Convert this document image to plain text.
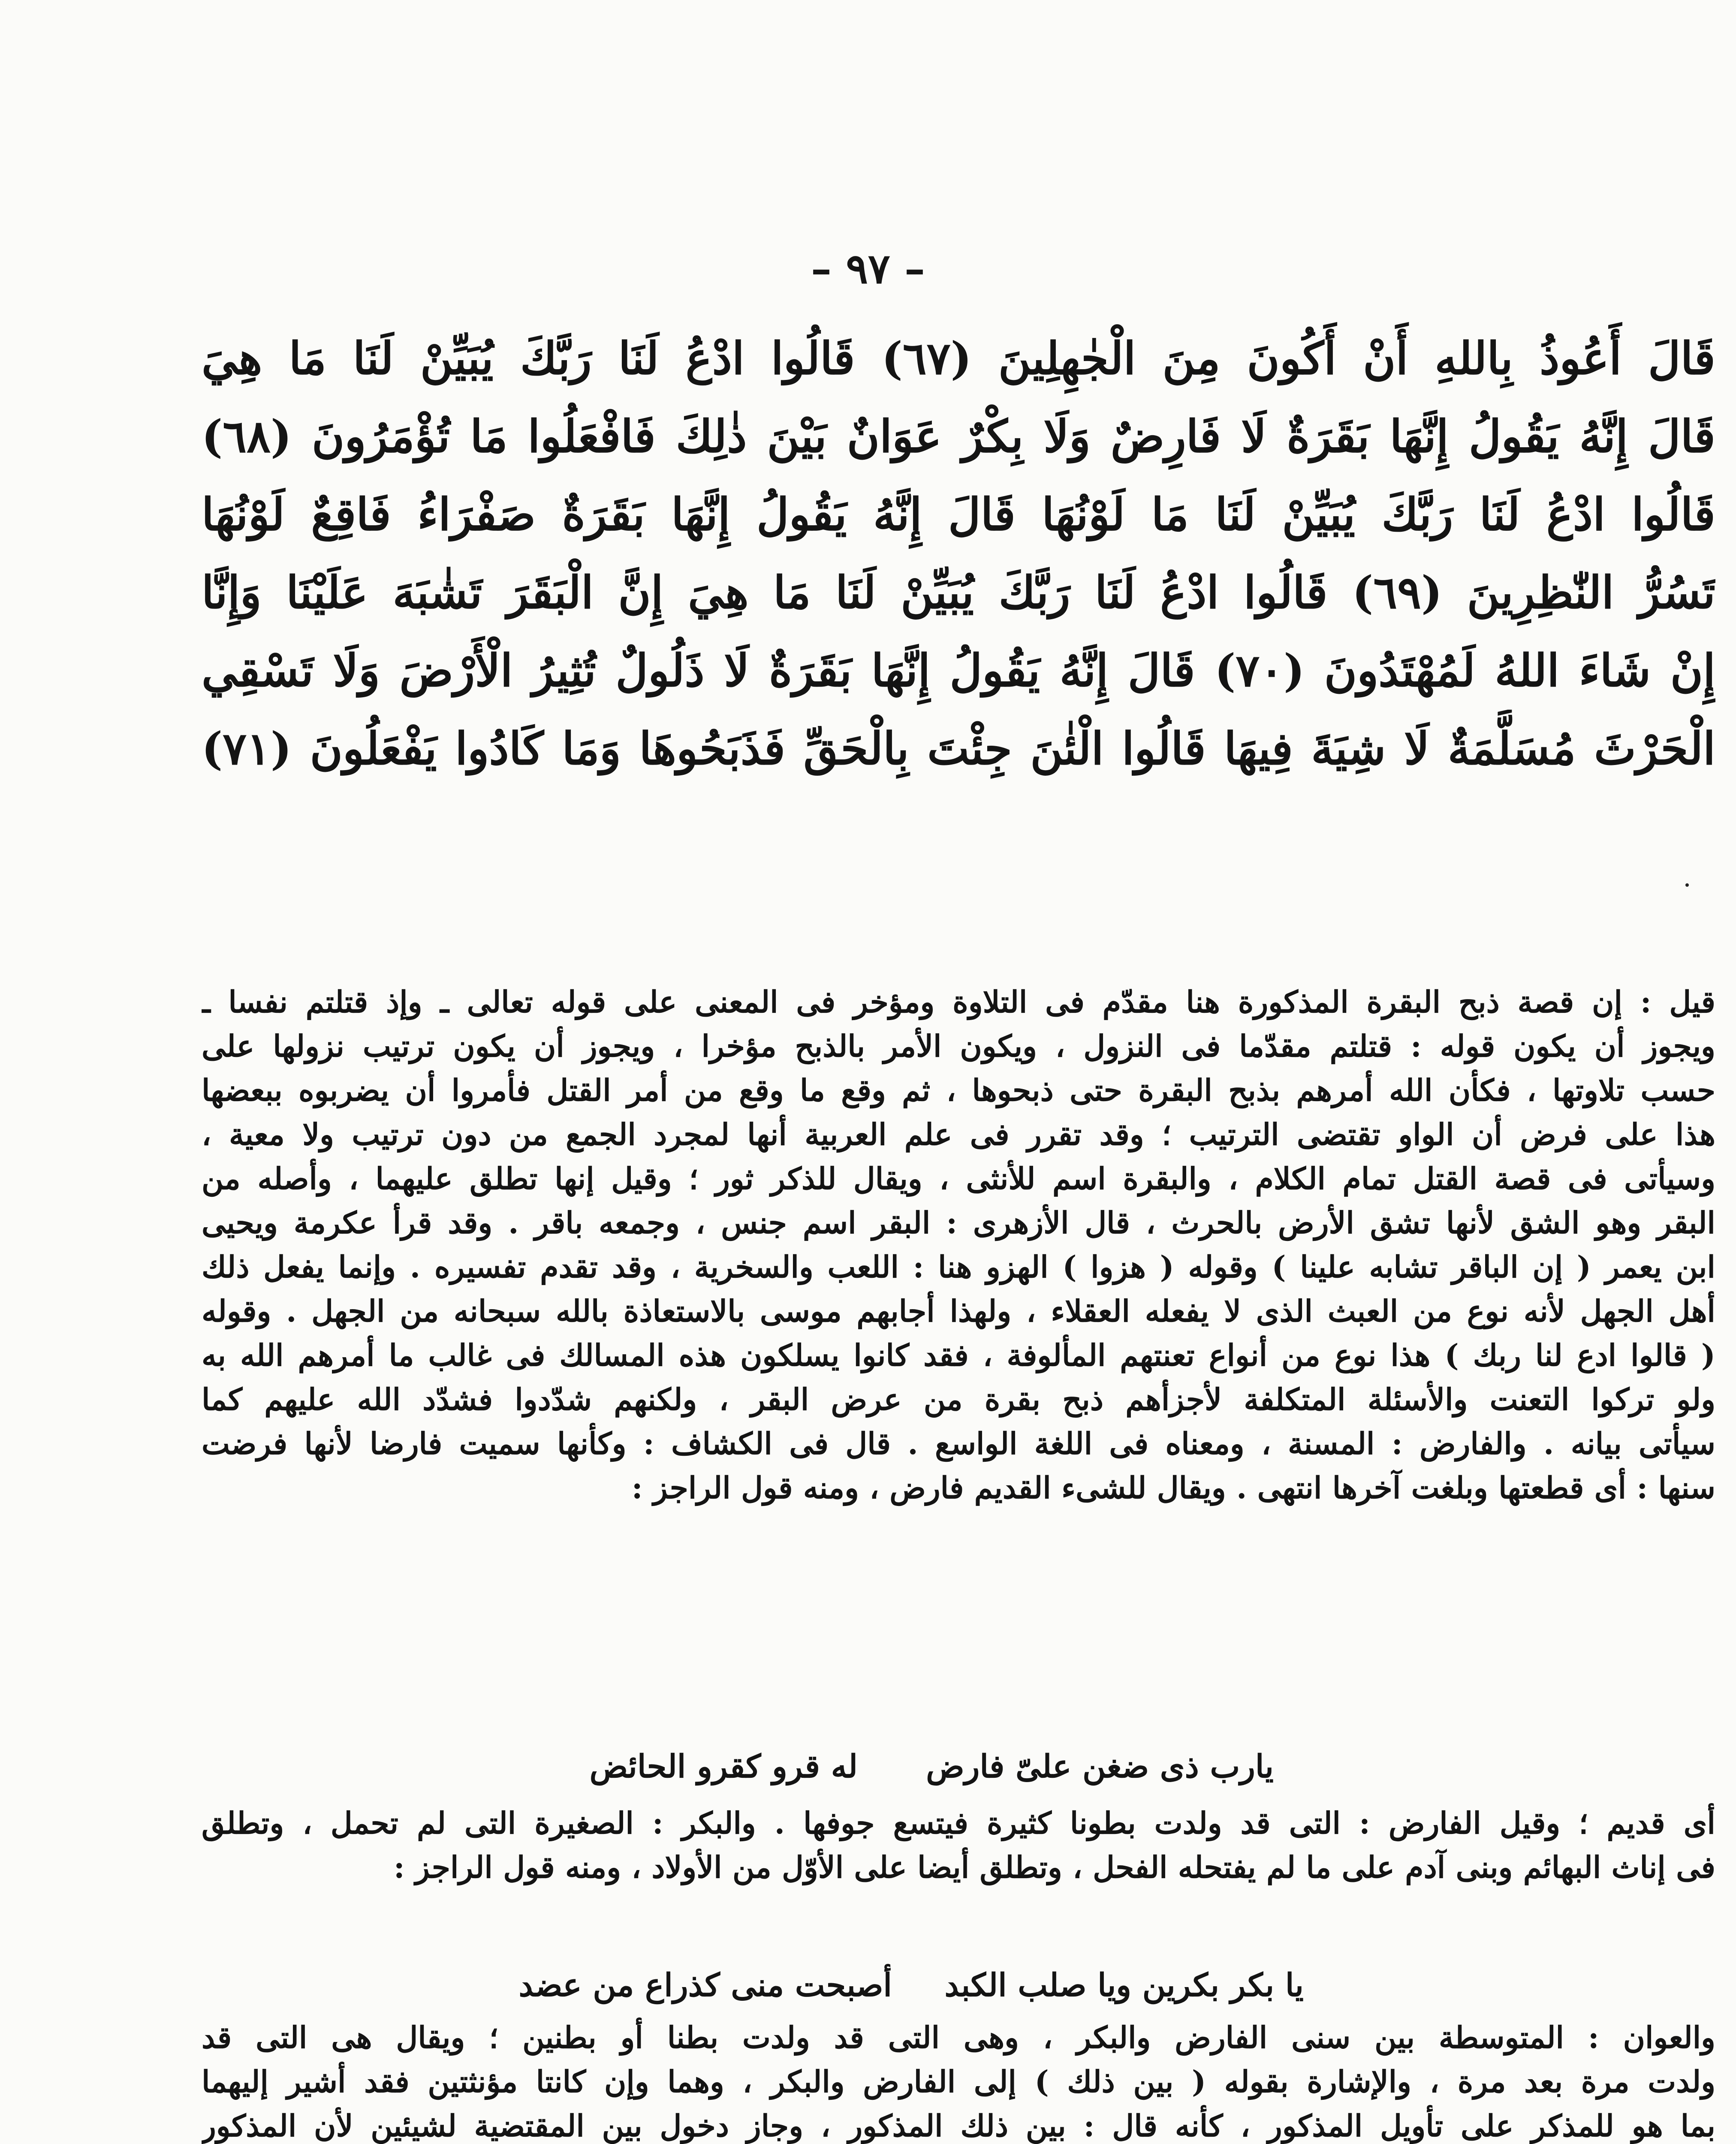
– ٩٧ –
قَالَ أَعُوذُ بِاللهِ أَنْ أَكُونَ مِنَ الْجٰهِلِينَ (٦٧) قَالُوا ادْعُ لَنَا رَبَّكَ يُبَيِّنْ لَنَا مَا هِيَ
قَالَ إِنَّهُ يَقُولُ إِنَّهَا بَقَرَةٌ لَا فَارِضٌ وَلَا بِكْرٌ عَوَانٌ بَيْنَ ذٰلِكَ فَافْعَلُوا مَا تُؤْمَرُونَ (٦٨)
قَالُوا ادْعُ لَنَا رَبَّكَ يُبَيِّنْ لَنَا مَا لَوْنُهَا قَالَ إِنَّهُ يَقُولُ إِنَّهَا بَقَرَةٌ صَفْرَاءُ فَاقِعٌ لَوْنُهَا
تَسُرُّ النّٰظِرِينَ (٦٩) قَالُوا ادْعُ لَنَا رَبَّكَ يُبَيِّنْ لَنَا مَا هِيَ إِنَّ الْبَقَرَ تَشٰبَهَ عَلَيْنَا وَإِنَّا
إِنْ شَاءَ اللهُ لَمُهْتَدُونَ (٧٠) قَالَ إِنَّهُ يَقُولُ إِنَّهَا بَقَرَةٌ لَا ذَلُولٌ تُثِيرُ الْأَرْضَ وَلَا تَسْقِي
الْحَرْثَ مُسَلَّمَةٌ لَا شِيَةَ فِيهَا قَالُوا الْئٰنَ جِئْتَ بِالْحَقِّ فَذَبَحُوهَا وَمَا كَادُوا يَفْعَلُونَ (٧١)
قيل : إن قصة ذبح البقرة المذكورة هنا مقدّم فى التلاوة ومؤخر فى المعنى على قوله تعالى ـ وإذ قتلتم نفسا ـ
ويجوز أن يكون قوله : قتلتم مقدّما فى النزول ، ويكون الأمر بالذبح مؤخرا ، ويجوز أن يكون ترتيب نزولها على
حسب تلاوتها ، فكأن الله أمرهم بذبح البقرة حتى ذبحوها ، ثم وقع ما وقع من أمر القتل فأمروا أن يضربوه ببعضها
هذا على فرض أن الواو تقتضى الترتيب ؛ وقد تقرر فى علم العربية أنها لمجرد الجمع من دون ترتيب ولا معية ،
وسيأتى فى قصة القتل تمام الكلام ، والبقرة اسم للأنثى ، ويقال للذكر ثور ؛ وقيل إنها تطلق عليهما ، وأصله من
البقر وهو الشق لأنها تشق الأرض بالحرث ، قال الأزهرى : البقر اسم جنس ، وجمعه باقر . وقد قرأ عكرمة ويحيى
ابن يعمر ( إن الباقر تشابه علينا ) وقوله ( هزوا ) الهزو هنا : اللعب والسخرية ، وقد تقدم تفسيره . وإنما يفعل ذلك
أهل الجهل لأنه نوع من العبث الذى لا يفعله العقلاء ، ولهذا أجابهم موسى بالاستعاذة بالله سبحانه من الجهل . وقوله
( قالوا ادع لنا ربك ) هذا نوع من أنواع تعنتهم المألوفة ، فقد كانوا يسلكون هذه المسالك فى غالب ما أمرهم الله به
ولو تركوا التعنت والأسئلة المتكلفة لأجزأهم ذبح بقرة من عرض البقر ، ولكنهم شدّدوا فشدّد الله عليهم كما
سيأتى بيانه . والفارض : المسنة ، ومعناه فى اللغة الواسع . قال فى الكشاف : وكأنها سميت فارضا لأنها فرضت
سنها : أى قطعتها وبلغت آخرها انتهى . ويقال للشىء القديم فارض ، ومنه قول الراجز :
يارب ذى ضغن علىّ فارض
له قرو كقرو الحائض
أى قديم ؛ وقيل الفارض : التى قد ولدت بطونا كثيرة فيتسع جوفها . والبكر : الصغيرة التى لم تحمل ، وتطلق
فى إناث البهائم وبنى آدم على ما لم يفتحله الفحل ، وتطلق أيضا على الأوّل من الأولاد ، ومنه قول الراجز :
يا بكر بكرين ويا صلب الكبد
أصبحت منى كذراع من عضد
والعوان : المتوسطة بين سنى الفارض والبكر ، وهى التى قد ولدت بطنا أو بطنين ؛ ويقال هى التى قد
ولدت مرة بعد مرة ، والإشارة بقوله ( بين ذلك ) إلى الفارض والبكر ، وهما وإن كانتا مؤنثتين فقد أشير إليهما
بما هو للمذكر على تأويل المذكور ، كأنه قال : بين ذلك المذكور ، وجاز دخول بين المقتضية لشيئين لأن المذكور
